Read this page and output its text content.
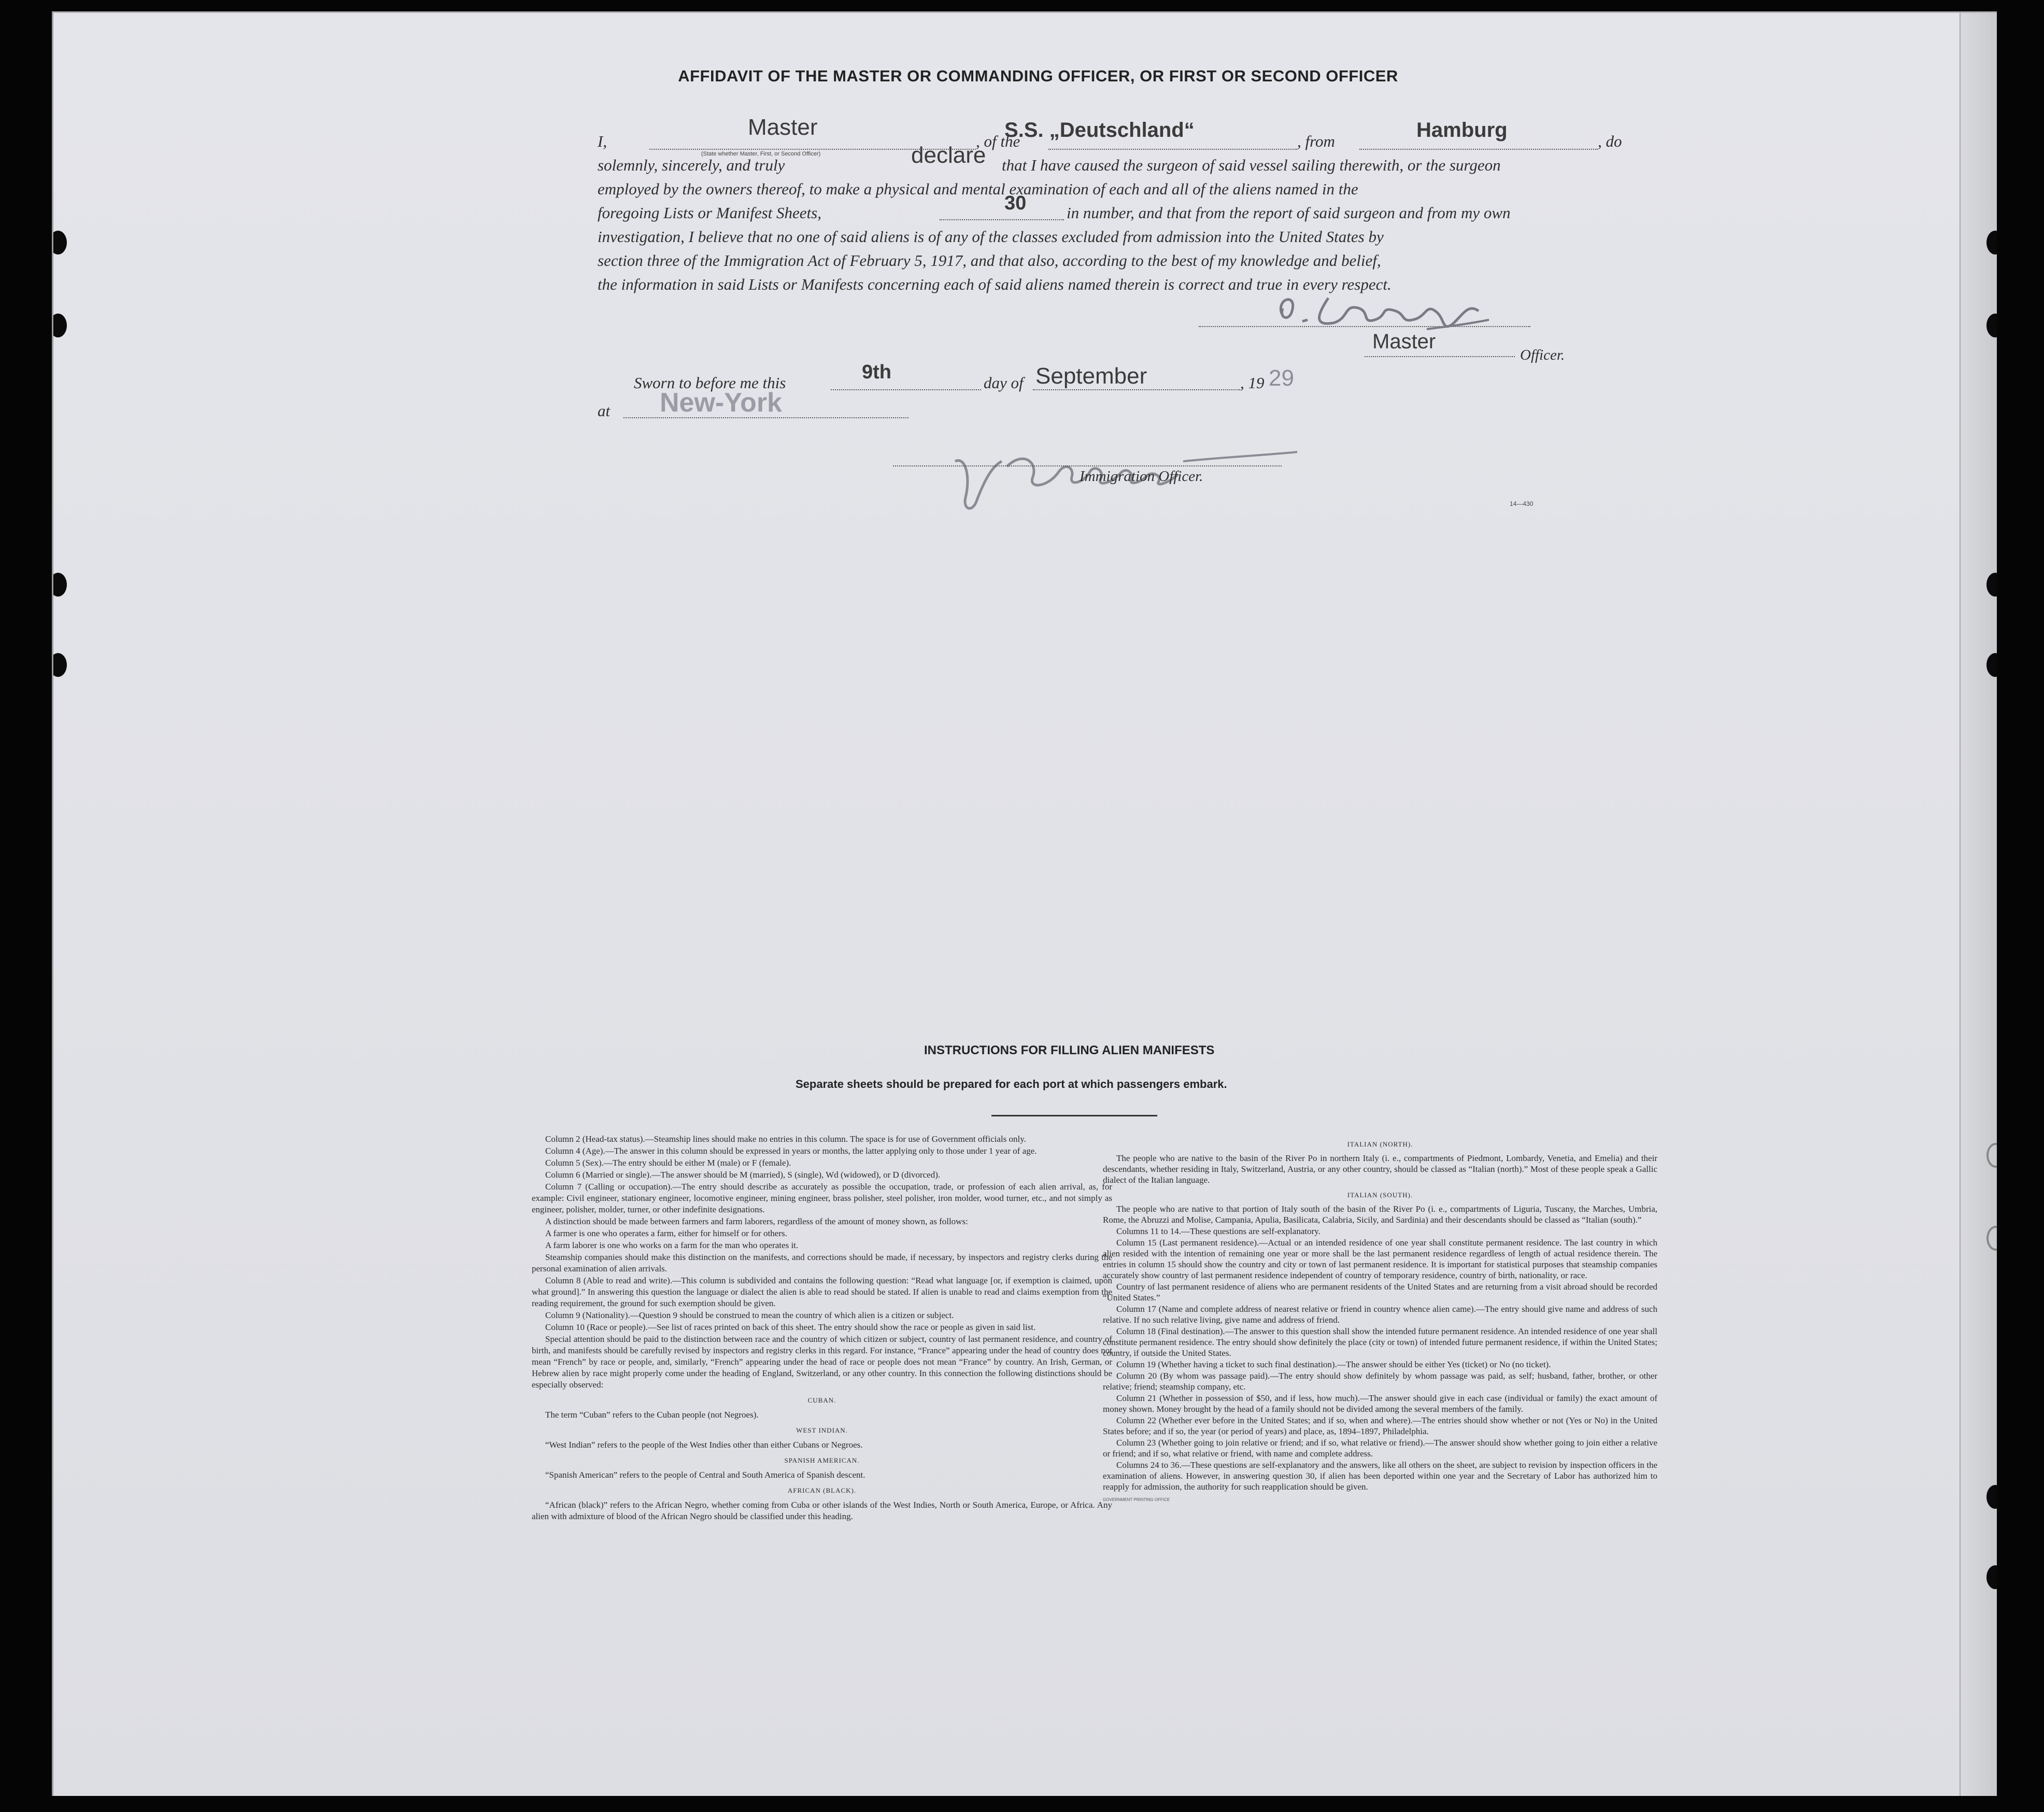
AFFIDAVIT OF THE MASTER OR COMMANDING OFFICER, OR FIRST OR SECOND OFFICER
I,
Master
(State whether Master, First, or Second Officer)
, of the
S.S. „Deutschland“	, from	Hamburg	, do
solemnly, sincerely, and truly	declare that I have caused the surgeon of said vessel sailing therewith, or the surgeon
employed by the owners thereof, to make a physical and mental examination of each and all of the aliens named in the
foregoing Lists or Manifest Sheets,	30	in number, and that from the report of said surgeon and from my own
investigation, I believe that no one of said aliens is of any of the classes excluded from admission into the United States by
section three of the Immigration Act of February 5, 1917, and that also, according to the best of my knowledge and belief,
the information in said Lists or Manifests concerning each of said aliens named therein is correct and true in every respect.
Master
Officer.
Sworn to before me this	9th	day of September	, 19 29
at New-York
Immigration Officer.
14—430
INSTRUCTIONS FOR FILLING ALIEN MANIFESTS
Separate sheets should be prepared for each port at which passengers embark.

Column 2 (Head-tax status).—Steamship lines should make no entries in this column. The space is for use of Government officials only.

Column 4 (Age).—The answer in this column should be expressed in years or months, the latter applying only to those under 1 year of age.

Column 5 (Sex).—The entry should be either M (male) or F (female).

Column 6 (Married or single).—The answer should be M (married), S (single), Wd (widowed), or D (divorced).

Column 7 (Calling or occupation).—The entry should describe as accurately as possible the occupation, trade, or profession of each alien arrival, as, for example: Civil engineer, stationary engineer, locomotive engineer, mining engineer, brass polisher, steel polisher, iron molder, wood turner, etc., and not simply as engineer, polisher, molder, turner, or other indefinite designations.

A distinction should be made between farmers and farm laborers, regardless of the amount of money shown, as follows:

A farmer is one who operates a farm, either for himself or for others.

A farm laborer is one who works on a farm for the man who operates it.

Steamship companies should make this distinction on the manifests, and corrections should be made, if necessary, by inspectors and registry clerks during the personal examination of alien arrivals.

Column 8 (Able to read and write).—This column is subdivided and contains the following question: “Read what language [or, if exemption is claimed, upon what ground].” In answering this question the language or dialect the alien is able to read should be stated. If alien is unable to read and claims exemption from the reading requirement, the ground for such exemption should be given.

Column 9 (Nationality).—Question 9 should be construed to mean the country of which alien is a citizen or subject.

Column 10 (Race or people).—See list of races printed on back of this sheet. The entry should show the race or people as given in said list.

Special attention should be paid to the distinction between race and the country of which citizen or subject, country of last permanent residence, and country of birth, and manifests should be carefully revised by inspectors and registry clerks in this regard. For instance, “France” appearing under the head of country does not mean “French” by race or people, and, similarly, “French” appearing under the head of race or people does not mean “France” by country. An Irish, German, or Hebrew alien by race might properly come under the heading of England, Switzerland, or any other country. In this connection the following distinctions should be especially observed:

CUBAN.

The term “Cuban” refers to the Cuban people (not Negroes).

WEST INDIAN.

“West Indian” refers to the people of the West Indies other than either Cubans or Negroes.

SPANISH AMERICAN.

“Spanish American” refers to the people of Central and South America of Spanish descent.

AFRICAN (BLACK).

“African (black)” refers to the African Negro, whether coming from Cuba or other islands of the West Indies, North or South America, Europe, or Africa. Any alien with admixture of blood of the African Negro should be classified under this heading.

ITALIAN (NORTH).

The people who are native to the basin of the River Po in northern Italy (i. e., compartments of Piedmont, Lombardy, Venetia, and Emelia) and their descendants, whether residing in Italy, Switzerland, Austria, or any other country, should be classed as “Italian (north).” Most of these people speak a Gallic dialect of the Italian language.

ITALIAN (SOUTH).

The people who are native to that portion of Italy south of the basin of the River Po (i. e., compartments of Liguria, Tuscany, the Marches, Umbria, Rome, the Abruzzi and Molise, Campania, Apulia, Basilicata, Calabria, Sicily, and Sardinia) and their descendants should be classed as “Italian (south).”

Columns 11 to 14.—These questions are self-explanatory.

Column 15 (Last permanent residence).—Actual or an intended residence of one year shall constitute permanent residence. The last country in which alien resided with the intention of remaining one year or more shall be the last permanent residence regardless of length of actual residence therein. The entries in column 15 should show the country and city or town of last permanent residence. It is important for statistical purposes that steamship companies accurately show country of last permanent residence independent of country of temporary residence, country of birth, nationality, or race.

Country of last permanent residence of aliens who are permanent residents of the United States and are returning from a visit abroad should be recorded “United States.”

Column 17 (Name and complete address of nearest relative or friend in country whence alien came).—The entry should give name and address of such relative. If no such relative living, give name and address of friend.

Column 18 (Final destination).—The answer to this question shall show the intended future permanent residence. An intended residence of one year shall constitute permanent residence. The entry should show definitely the place (city or town) of intended future permanent residence, if within the United States; country, if outside the United States.

Column 19 (Whether having a ticket to such final destination).—The answer should be either Yes (ticket) or No (no ticket).

Column 20 (By whom was passage paid).—The entry should show definitely by whom passage was paid, as self; husband, father, brother, or other relative; friend; steamship company, etc.

Column 21 (Whether in possession of $50, and if less, how much).—The answer should give in each case (individual or family) the exact amount of money shown. Money brought by the head of a family should not be divided among the several members of the family.

Column 22 (Whether ever before in the United States; and if so, when and where).—The entries should show whether or not (Yes or No) in the United States before; and if so, the year (or period of years) and place, as, 1894–1897, Philadelphia.

Column 23 (Whether going to join relative or friend; and if so, what relative or friend).—The answer should show whether going to join either a relative or friend; and if so, what relative or friend, with name and complete address.

Columns 24 to 36.—These questions are self-explanatory and the answers, like all others on the sheet, are subject to revision by inspection officers in the examination of aliens. However, in answering question 30, if alien has been deported within one year and the Secretary of Labor has authorized him to reapply for admission, the authority for such reapplication should be given.

GOVERNMENT PRINTING OFFICE
